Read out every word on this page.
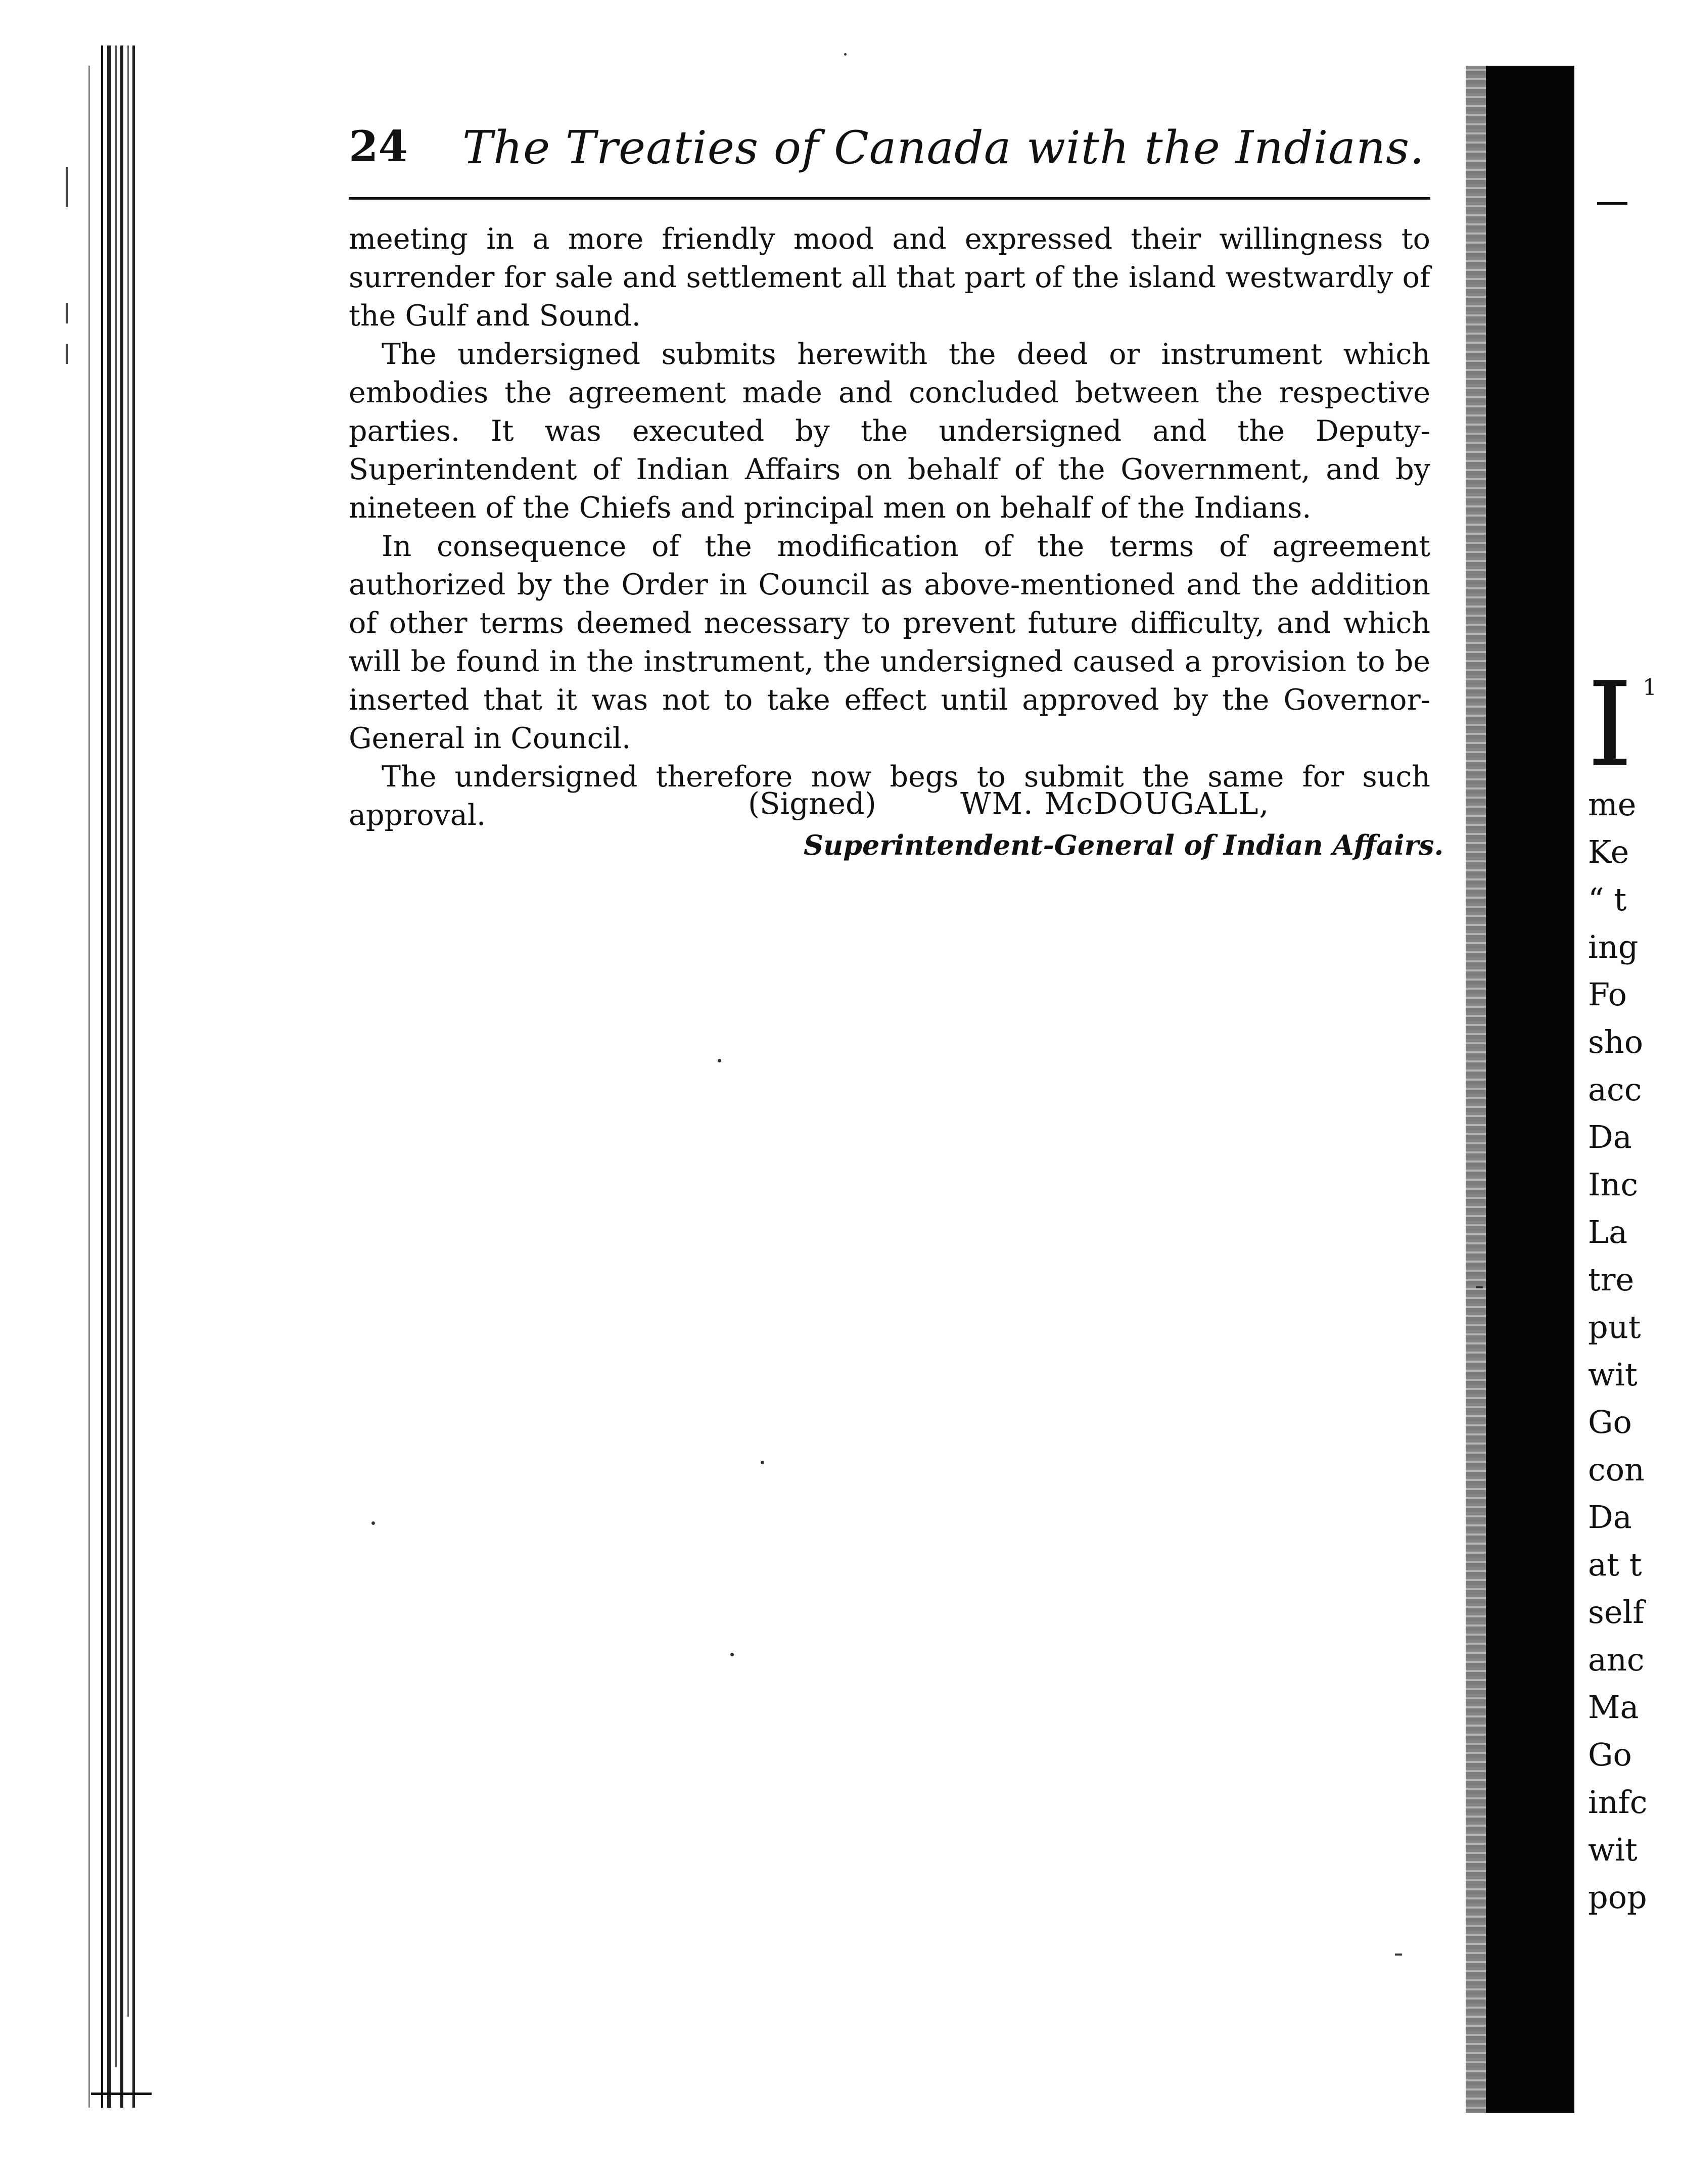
24 The Treaties of Canada with the Indians.

meeting in a more friendly mood and expressed their willingness to surrender for sale and settlement all that part of the island westwardly of the Gulf and Sound.

The undersigned submits herewith the deed or instrument which embodies the agreement made and concluded between the respective parties. It was executed by the undersigned and the Deputy-Superintendent of Indian Affairs on behalf of the Government, and by nineteen of the Chiefs and principal men on behalf of the Indians.

In consequence of the modification of the terms of agreement authorized by the Order in Council as above-mentioned and the addition of other terms deemed necessary to prevent future difficulty, and which will be found in the instrument, the undersigned caused a provision to be inserted that it was not to take effect until approved by the Governor-General in Council.

The undersigned therefore now begs to submit the same for such approval.	(Signed)	WM. McDOUGALL,
Superintendent-General of Indian Affairs.
I 1
me
Ke
“ t
ing
Fo
sho
acc
Da
Inc
La
tre
put
wit
Go
con
Da
at t
self
anc
Ma
Go
infc
wit
pop
